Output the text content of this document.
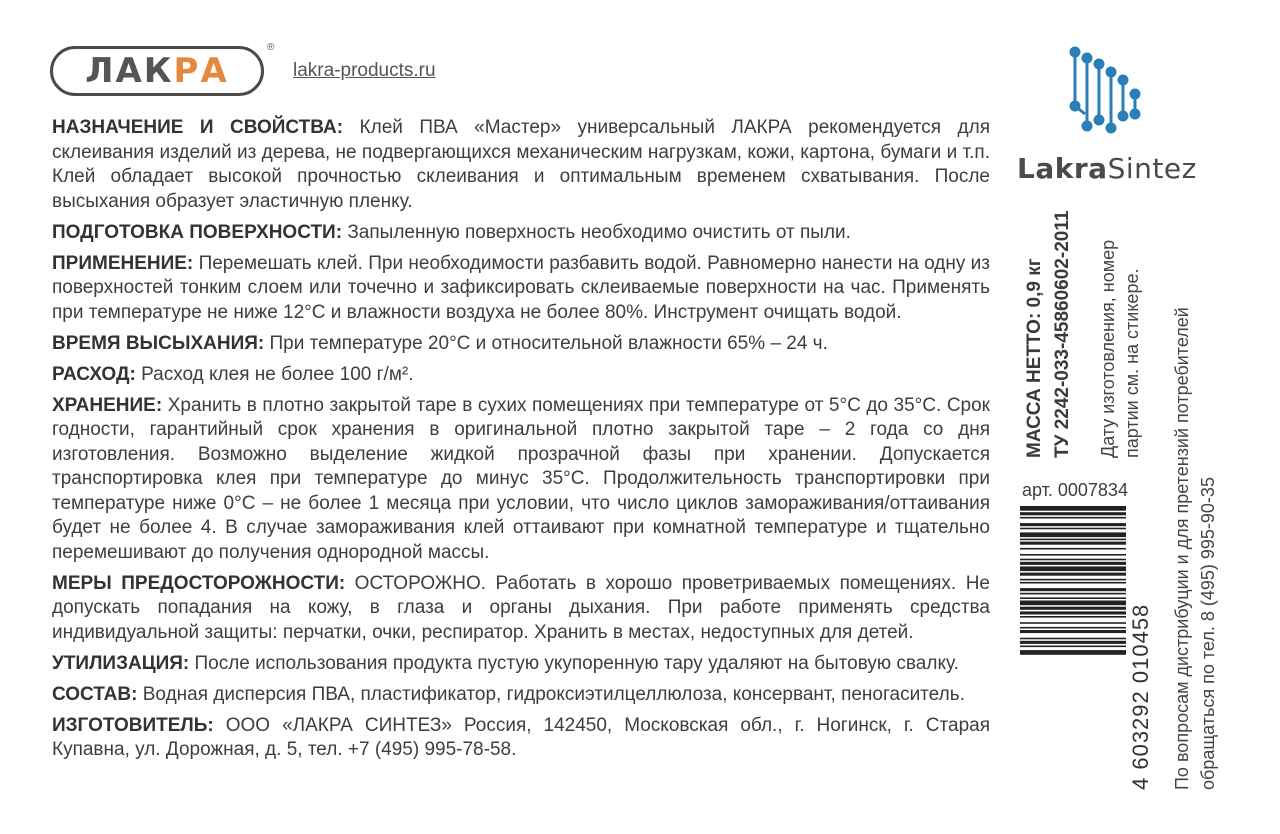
ЛАК РА
®
lakra-products.ru

НАЗНАЧЕНИЕ И СВОЙСТВА: Клей ПВА «Мастер» универсальный ЛАКРА рекомендуется для склеивания изделий из дерева, не подвергающихся механическим нагрузкам, кожи, картона, бумаги и т.п. Клей обладает высокой прочностью склеивания и оптимальным временем схватывания. После высыхания образует эластичную пленку.

ПОДГОТОВКА ПОВЕРХНОСТИ: Запыленную поверхность необходимо очистить от пыли.

ПРИМЕНЕНИЕ: Перемешать клей. При необходимости разбавить водой. Равномерно нанести на одну из поверхностей тонким слоем или точечно и зафиксировать склеиваемые поверхности на час. Применять при температуре не ниже 12°C и влажности воздуха не более 80%. Инструмент очищать водой.

ВРЕМЯ ВЫСЫХАНИЯ: При температуре 20°C и относительной влажности 65% – 24 ч.

РАСХОД: Расход клея не более 100 г/м².

ХРАНЕНИЕ: Хранить в плотно закрытой таре в сухих помещениях при температуре от 5°C до 35°C. Срок годности, гарантийный срок хранения в оригинальной плотно закрытой таре – 2 года со дня изготовления. Возможно выделение жидкой прозрачной фазы при хранении. Допускается транспортировка клея при температуре до минус 35°C. Продолжительность транспортировки при температуре ниже 0°C – не более 1 месяца при условии, что число циклов замораживания/оттаивания будет не более 4. В случае замораживания клей оттаивают при комнатной температуре и тщательно перемешивают до получения однородной массы.

МЕРЫ ПРЕДОСТОРОЖНОСТИ: ОСТОРОЖНО. Работать в хорошо проветриваемых помещениях. Не допускать попадания на кожу, в глаза и органы дыхания. При работе применять средства индивидуальной защиты: перчатки, очки, респиратор. Хранить в местах, недоступных для детей.

УТИЛИЗАЦИЯ: После использования продукта пустую укупоренную тару удаляют на бытовую свалку.

СОСТАВ: Водная дисперсия ПВА, пластификатор, гидроксиэтилцеллюлоза, консервант, пеногаситель.

ИЗГОТОВИТЕЛЬ: ООО «ЛАКРА СИНТЕЗ» Россия, 142450, Московская обл., г. Ногинск, г. Старая Купавна, ул. Дорожная, д. 5, тел. +7 (495) 995-78-58.

LakraSintez
МАССА НЕТТО: 0,9 кг ТУ 2242-033-45860602-2011 Дату изготовления, номер партии см. на стикере.
арт. 0007834
4 603292 010458 По вопросам дистрибуции и для претензий потребителей обращаться по тел. 8 (495) 995-90-35
